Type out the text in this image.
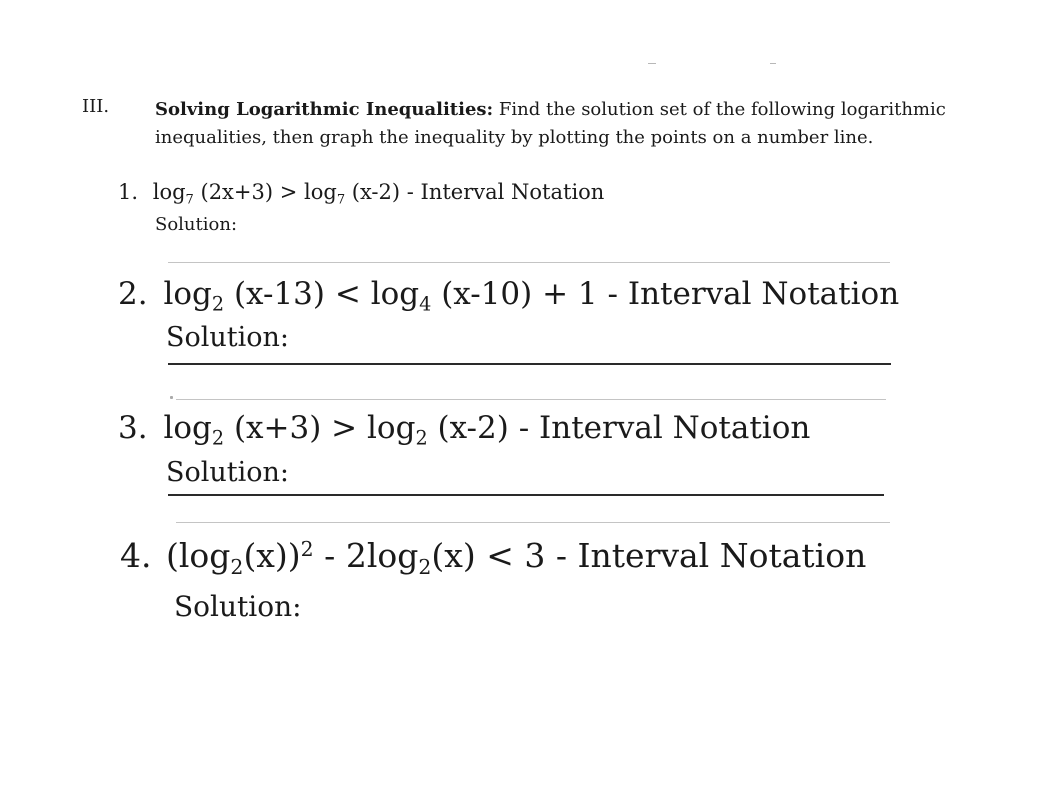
III.	Solving Logarithmic Inequalities: Find the solution set of the following logarithmic inequalities, then graph the inequality by plotting the points on a number line.
1. $\log_7 (2x+3) > \log_7 (x-2)$ - Interval Notation
Solution:
2. $\log_2 (x-13) < \log_4 (x-10) + 1$ - Interval Notation
Solution:
3. $\log_2 (x+3) > \log_2 (x-2)$ - Interval Notation
Solution:
4. $(\log_2(x))^2 - 2\log_2(x) < 3$ - Interval Notation
Solution:
